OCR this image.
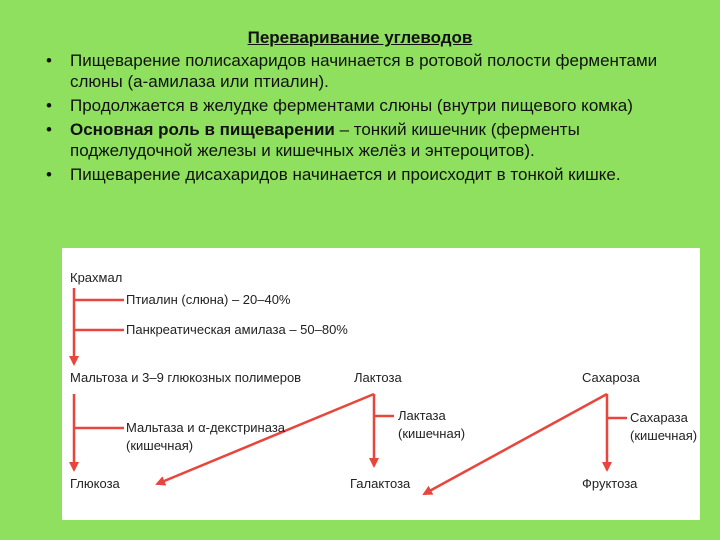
Переваривание углеводов
• Пищеварение полисахаридов начинается в ротовой полости ферментами слюны (а-амилаза или птиалин).
• Продолжается в желудке ферментами слюны (внутри пищевого комка)
• Основная роль в пищеварении – тонкий кишечник (ферменты поджелудочной железы и кишечных желёз и энтероцитов).
• Пищеварение дисахаридов начинается и происходит в тонкой кишке.
Крахмал
Птиалин (слюна) – 20–40%
Панкреатическая амилаза – 50–80%
Мальтоза и 3–9 глюкозных полимеров
Мальтаза и α-декстриназа
(кишечная)
Глюкоза
Лактоза
Лактаза
(кишечная)
Галактоза
Сахароза
Сахараза
(кишечная)
Фруктоза
